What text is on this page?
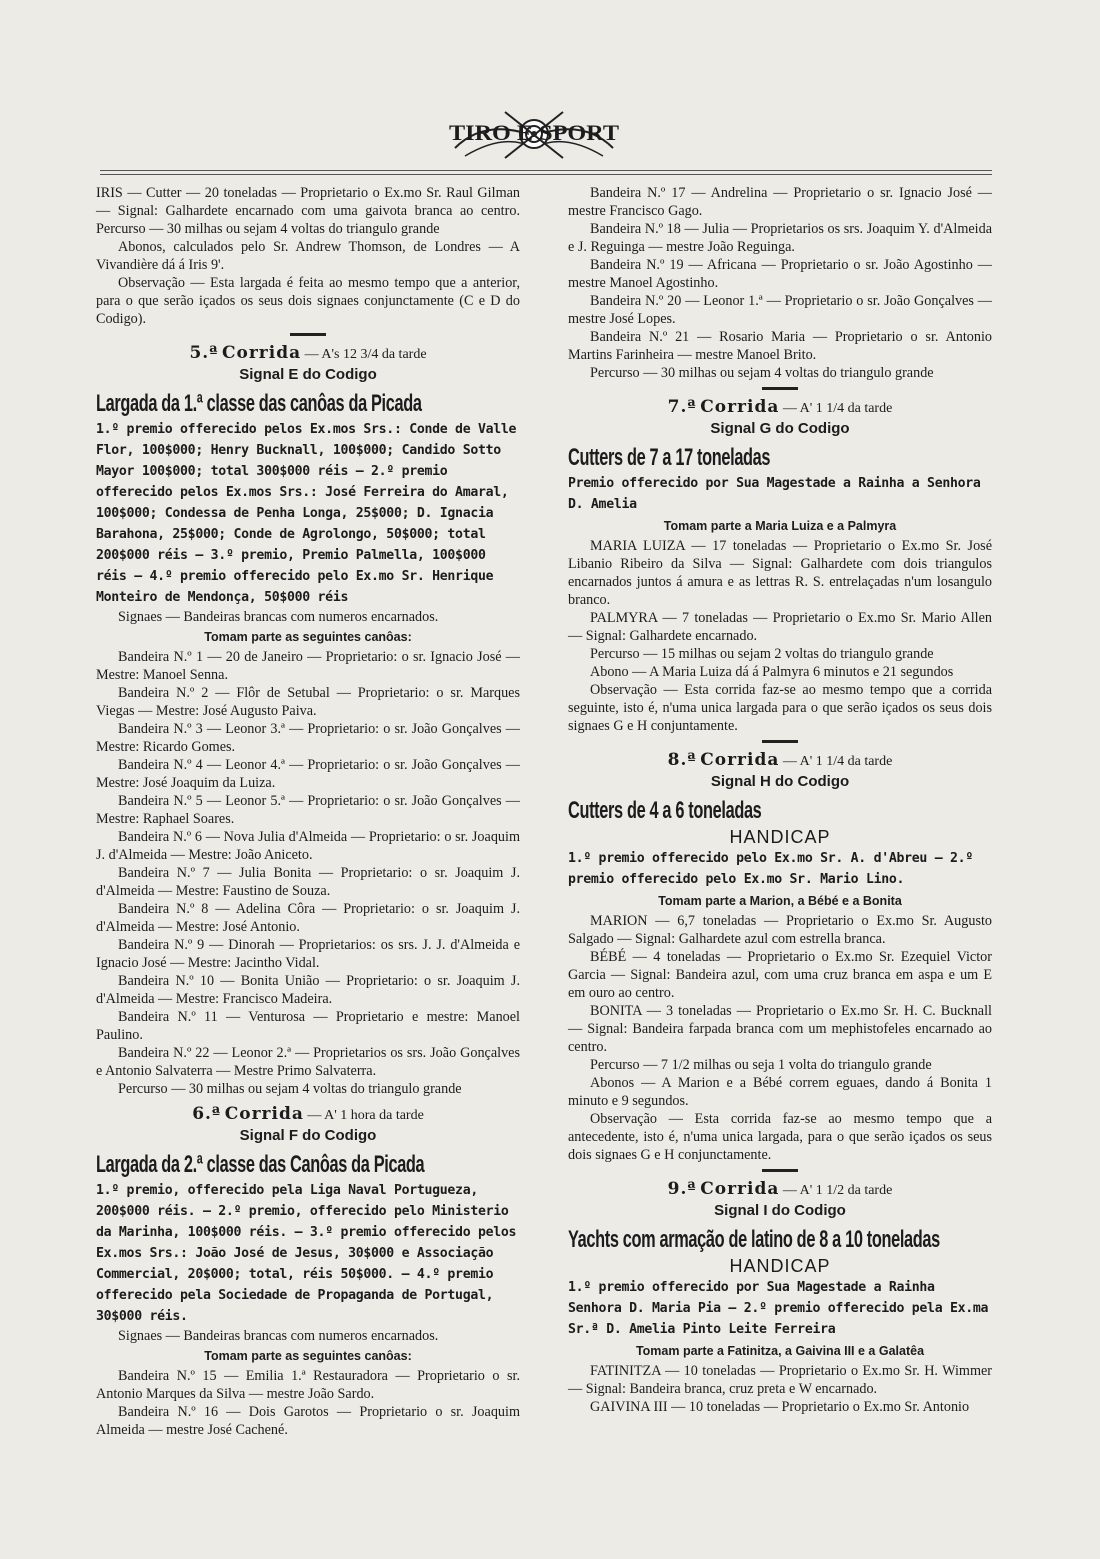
TIRO E SPORT

IRIS — Cutter — 20 toneladas — Proprietario o Ex.mo Sr. Raul Gilman — Signal: Galhardete encarnado com uma gaivota branca ao centro. Percurso — 30 milhas ou sejam 4 voltas do triangulo grande

Abonos, calculados pelo Sr. Andrew Thomson, de Londres — A Vivandière dá á Iris 9'.

Observação — Esta largada é feita ao mesmo tempo que a anterior, para o que serão içados os seus dois signaes conjunctamente (C e D do Codigo).

5.ª Corrida — A's 12 3/4 da tarde
Signal E do Codigo
Largada da 1.ª classe das canôas da Picada
1.º premio offerecido pelos Ex.mos Srs.: Conde de Valle Flor, 100$000; Henry Bucknall, 100$000; Candido Sotto Mayor 100$000; total 300$000 réis — 2.º premio offerecido pelos Ex.mos Srs.: José Ferreira do Amaral, 100$000; Condessa de Penha Longa, 25$000; D. Ignacia Barahona, 25$000; Conde de Agrolongo, 50$000; total 200$000 réis — 3.º premio, Premio Palmella, 100$000 réis — 4.º premio offerecido pelo Ex.mo Sr. Henrique Monteiro de Mendonça, 50$000 réis

Signaes — Bandeiras brancas com numeros encarnados.

Tomam parte as seguintes canôas:

Bandeira N.º 1 — 20 de Janeiro — Proprietario: o sr. Ignacio José — Mestre: Manoel Senna.

Bandeira N.º 2 — Flôr de Setubal — Proprietario: o sr. Marques Viegas — Mestre: José Augusto Paiva.

Bandeira N.º 3 — Leonor 3.ª — Proprietario: o sr. João Gonçalves — Mestre: Ricardo Gomes.

Bandeira N.º 4 — Leonor 4.ª — Proprietario: o sr. João Gonçalves — Mestre: José Joaquim da Luiza.

Bandeira N.º 5 — Leonor 5.ª — Proprietario: o sr. João Gonçalves — Mestre: Raphael Soares.

Bandeira N.º 6 — Nova Julia d'Almeida — Proprietario: o sr. Joaquim J. d'Almeida — Mestre: João Aniceto.

Bandeira N.º 7 — Julia Bonita — Proprietario: o sr. Joaquim J. d'Almeida — Mestre: Faustino de Souza.

Bandeira N.º 8 — Adelina Côra — Proprietario: o sr. Joaquim J. d'Almeida — Mestre: José Antonio.

Bandeira N.º 9 — Dinorah — Proprietarios: os srs. J. J. d'Almeida e Ignacio José — Mestre: Jacintho Vidal.

Bandeira N.º 10 — Bonita União — Proprietario: o sr. Joaquim J. d'Almeida — Mestre: Francisco Madeira.

Bandeira N.º 11 — Venturosa — Proprietario e mestre: Manoel Paulino.

Bandeira N.º 22 — Leonor 2.ª — Proprietarios os srs. João Gonçalves e Antonio Salvaterra — Mestre Primo Salvaterra.

Percurso — 30 milhas ou sejam 4 voltas do triangulo grande

6.ª Corrida — A' 1 hora da tarde
Signal F do Codigo
Largada da 2.ª classe das Canôas da Picada
1.º premio, offerecido pela Liga Naval Portugueza, 200$000 réis. — 2.º premio, offerecido pelo Ministerio da Marinha, 100$000 réis. — 3.º premio offerecido pelos Ex.mos Srs.: João José de Jesus, 30$000 e Associação Commercial, 20$000; total, réis 50$000. — 4.º premio offerecido pela Sociedade de Propaganda de Portugal, 30$000 réis.

Signaes — Bandeiras brancas com numeros encarnados.

Tomam parte as seguintes canôas:

Bandeira N.º 15 — Emilia 1.ª Restauradora — Proprietario o sr. Antonio Marques da Silva — mestre João Sardo.

Bandeira N.º 16 — Dois Garotos — Proprietario o sr. Joaquim Almeida — mestre José Cachené.

Bandeira N.º 17 — Andrelina — Proprietario o sr. Ignacio José — mestre Francisco Gago.

Bandeira N.º 18 — Julia — Proprietarios os srs. Joaquim Y. d'Almeida e J. Reguinga — mestre João Reguinga.

Bandeira N.º 19 — Africana — Proprietario o sr. João Agostinho — mestre Manoel Agostinho.

Bandeira N.º 20 — Leonor 1.ª — Proprietario o sr. João Gonçalves — mestre José Lopes.

Bandeira N.º 21 — Rosario Maria — Proprietario o sr. Antonio Martins Farinheira — mestre Manoel Brito.

Percurso — 30 milhas ou sejam 4 voltas do triangulo grande

7.ª Corrida — A' 1 1/4 da tarde
Signal G do Codigo
Cutters de 7 a 17 toneladas
Premio offerecido por Sua Magestade a Rainha a Senhora D. Amelia
Tomam parte a Maria Luiza e a Palmyra

MARIA LUIZA — 17 toneladas — Proprietario o Ex.mo Sr. José Libanio Ribeiro da Silva — Signal: Galhardete com dois triangulos encarnados juntos á amura e as lettras R. S. entrelaçadas n'um losangulo branco.

PALMYRA — 7 toneladas — Proprietario o Ex.mo Sr. Mario Allen — Signal: Galhardete encarnado.

Percurso — 15 milhas ou sejam 2 voltas do triangulo grande

Abono — A Maria Luiza dá á Palmyra 6 minutos e 21 segundos

Observação — Esta corrida faz-se ao mesmo tempo que a corrida seguinte, isto é, n'uma unica largada para o que serão içados os seus dois signaes G e H conjuntamente.

8.ª Corrida — A' 1 1/4 da tarde
Signal H do Codigo
Cutters de 4 a 6 toneladas
HANDICAP
1.º premio offerecido pelo Ex.mo Sr. A. d'Abreu — 2.º premio offerecido pelo Ex.mo Sr. Mario Lino.
Tomam parte a Marion, a Bébé e a Bonita

MARION — 6,7 toneladas — Proprietario o Ex.mo Sr. Augusto Salgado — Signal: Galhardete azul com estrella branca.

BÉBÉ — 4 toneladas — Proprietario o Ex.mo Sr. Ezequiel Victor Garcia — Signal: Bandeira azul, com uma cruz branca em aspa e um E em ouro ao centro.

BONITA — 3 toneladas — Proprietario o Ex.mo Sr. H. C. Bucknall — Signal: Bandeira farpada branca com um mephistofeles encarnado ao centro.

Percurso — 7 1/2 milhas ou seja 1 volta do triangulo grande

Abonos — A Marion e a Bébé correm eguaes, dando á Bonita 1 minuto e 9 segundos.

Observação — Esta corrida faz-se ao mesmo tempo que a antecedente, isto é, n'uma unica largada, para o que serão içados os seus dois signaes G e H conjunctamente.

9.ª Corrida — A' 1 1/2 da tarde
Signal I do Codigo
Yachts com armação de latino de 8 a 10 toneladas
HANDICAP
1.º premio offerecido por Sua Magestade a Rainha Senhora D. Maria Pia — 2.º premio offerecido pela Ex.ma Sr.ª D. Amelia Pinto Leite Ferreira
Tomam parte a Fatinitza, a Gaivina III e a Galatêa

FATINITZA — 10 toneladas — Proprietario o Ex.mo Sr. H. Wimmer — Signal: Bandeira branca, cruz preta e W encarnado.

GAIVINA III — 10 toneladas — Proprietario o Ex.mo Sr. Antonio
